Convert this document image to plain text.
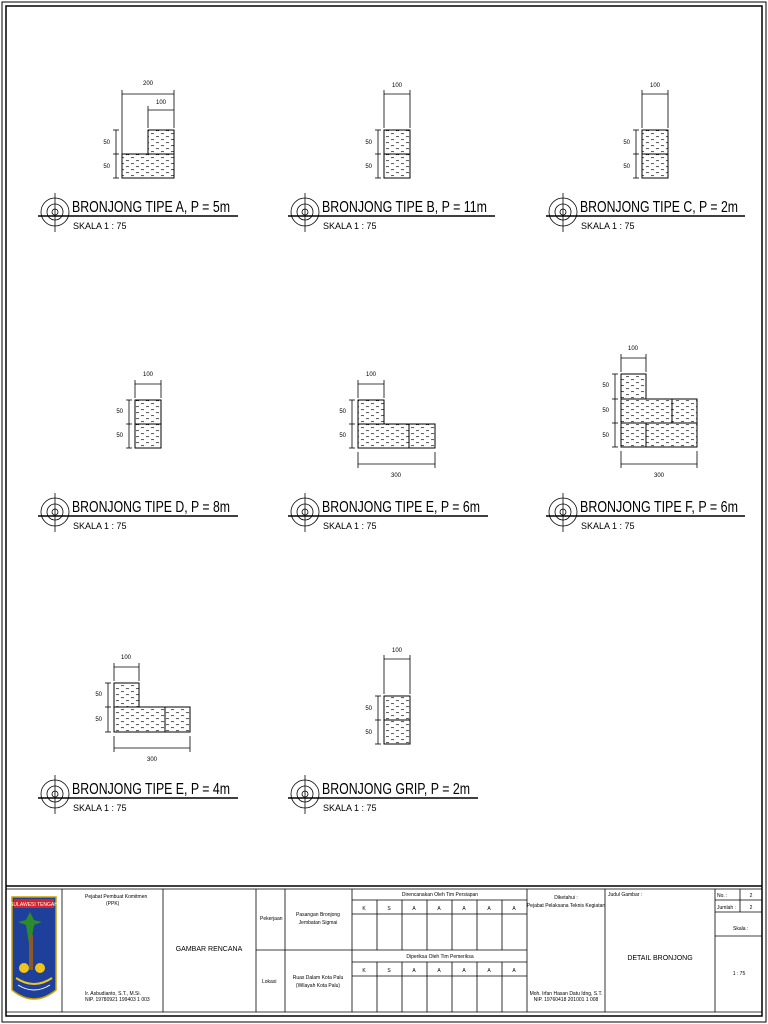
200
100
50
50
BRONJONG TIPE A, P = 5m
SKALA 1 : 75
100
50
50
BRONJONG TIPE B, P = 11m
SKALA 1 : 75
100
50
50
BRONJONG TIPE C, P = 2m
SKALA 1 : 75
100
50
50
BRONJONG TIPE D, P = 8m
SKALA 1 : 75
100
50
50
300
BRONJONG TIPE E, P = 6m
SKALA 1 : 75
100
50
50
50
300
BRONJONG TIPE F, P = 6m
SKALA 1 : 75
100
50
50
300
BRONJONG TIPE E, P = 4m
SKALA 1 : 75
100
50
50
BRONJONG GRIP, P = 2m
SKALA 1 : 75
SULAWESI TENGAH
Pejabat Pembuat Komitmen
(PPK)
Ir. Asbudianto, S.T., M.Si.
NIP. 19780921 199403 1 003
GAMBAR RENCANA
Pekerjaan
Pasangan Bronjong
Jembatan Sigmai
Lokasi
Ruas Dalam Kota Palu
(Wilayah Kota Palu)
Direncanakan Oleh Tim Persiapan
Diperiksa Oleh Tim Pemeriksa
K	S	A	A	A	A	A
K	S	A	A	A	A	A
Diketahui :
Pejabat Pelaksana Teknis Kegiatan
Moh. Irfan Hasan Datu Idng, S.T.
NIP. 19760418 201001 1 008
Judul Gambar :
DETAIL BRONJONG
No. :	2
Jumlah :	2
Skala :
1 : 75
